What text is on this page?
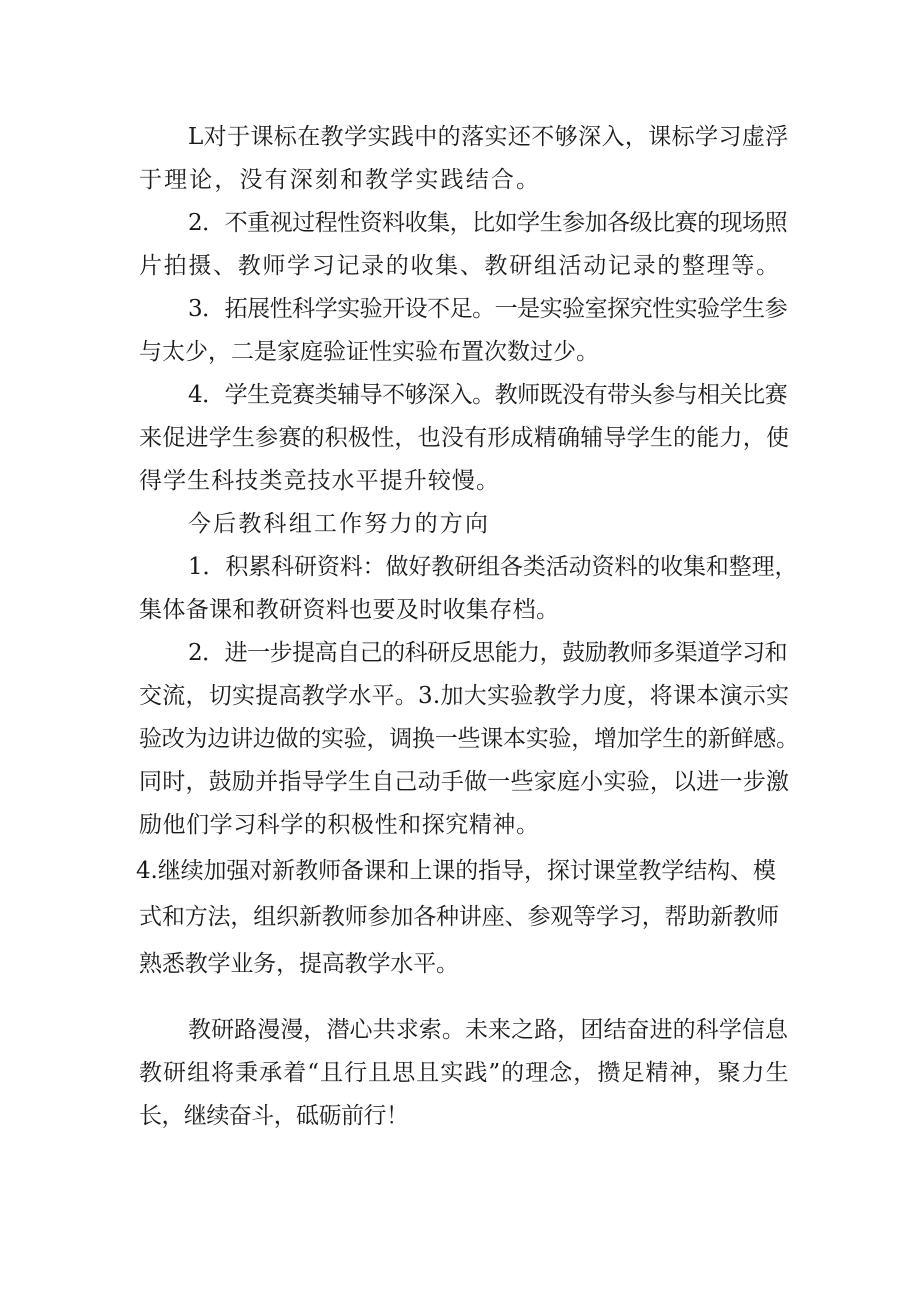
L对于课标在教学实践中的落实还不够深入，课标学习虚浮
于理论，没有深刻和教学实践结合。
2．不重视过程性资料收集，比如学生参加各级比赛的现场照
片拍摄、教师学习记录的收集、教研组活动记录的整理等。
3．拓展性科学实验开设不足。一是实验室探究性实验学生参
与太少，二是家庭验证性实验布置次数过少。
4．学生竞赛类辅导不够深入。教师既没有带头参与相关比赛
来促进学生参赛的积极性，也没有形成精确辅导学生的能力，使
得学生科技类竞技水平提升较慢。
今后教科组工作努力的方向
1．积累科研资料：做好教研组各类活动资料的收集和整理，
集体备课和教研资料也要及时收集存档。
2．进一步提高自己的科研反思能力，鼓励教师多渠道学习和
交流，切实提高教学水平。3.加大实验教学力度，将课本演示实
验改为边讲边做的实验，调换一些课本实验，增加学生的新鲜感。
同时，鼓励并指导学生自己动手做一些家庭小实验，以进一步激
励他们学习科学的积极性和探究精神。
4.继续加强对新教师备课和上课的指导，探讨课堂教学结构、模
式和方法，组织新教师参加各种讲座、参观等学习，帮助新教师
熟悉教学业务，提高教学水平。
教研路漫漫，潜心共求索。未来之路，团结奋进的科学信息
教研组将秉承着“且行且思且实践”的理念，攒足精神，聚力生
长，继续奋斗，砥砺前行！
